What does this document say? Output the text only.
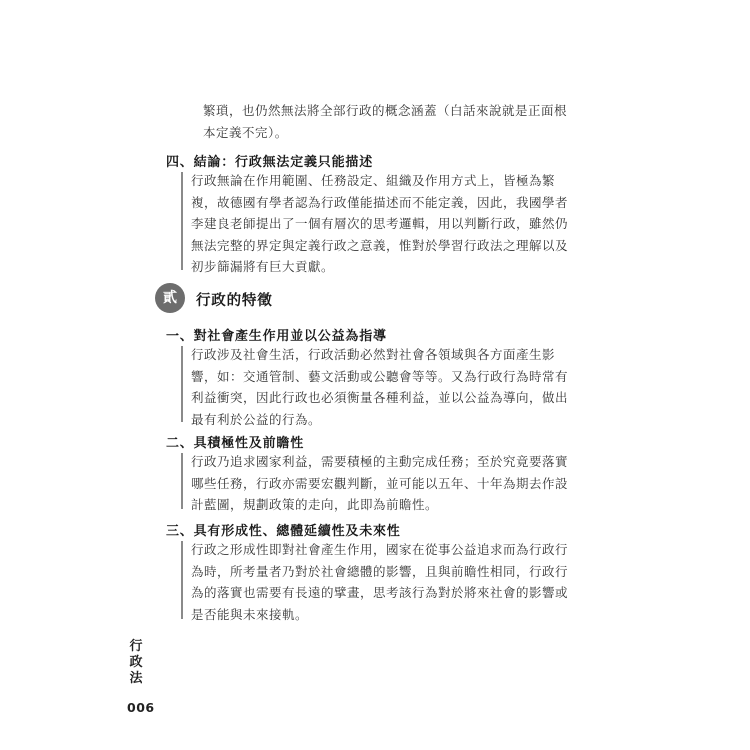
繁瑣，也仍然無法將全部行政的概念涵蓋（白話來說就是正面根
本定義不完）。
四、結論：行政無法定義只能描述
行政無論在作用範圍、任務設定、組織及作用方式上，皆極為繁
複，故德國有學者認為行政僅能描述而不能定義，因此，我國學者
李建良老師提出了一個有層次的思考邏輯，用以判斷行政，雖然仍
無法完整的界定與定義行政之意義，惟對於學習行政法之理解以及
初步篩漏將有巨大貢獻。
貳	行政的特徵
一、對社會產生作用並以公益為指導
行政涉及社會生活，行政活動必然對社會各領域與各方面產生影
響，如：交通管制、藝文活動或公聽會等等。又為行政行為時常有
利益衝突，因此行政也必須衡量各種利益，並以公益為導向，做出
最有利於公益的行為。
二、具積極性及前瞻性
行政乃追求國家利益，需要積極的主動完成任務；至於究竟要落實
哪些任務，行政亦需要宏觀判斷，並可能以五年、十年為期去作設
計藍圖，規劃政策的走向，此即為前瞻性。
三、具有形成性、總體延續性及未來性
行政之形成性即對社會產生作用，國家在從事公益追求而為行政行
為時，所考量者乃對於社會總體的影響，且與前瞻性相同，行政行
為的落實也需要有長遠的擘畫，思考該行為對於將來社會的影響或
是否能與未來接軌。
行
政
法
006
